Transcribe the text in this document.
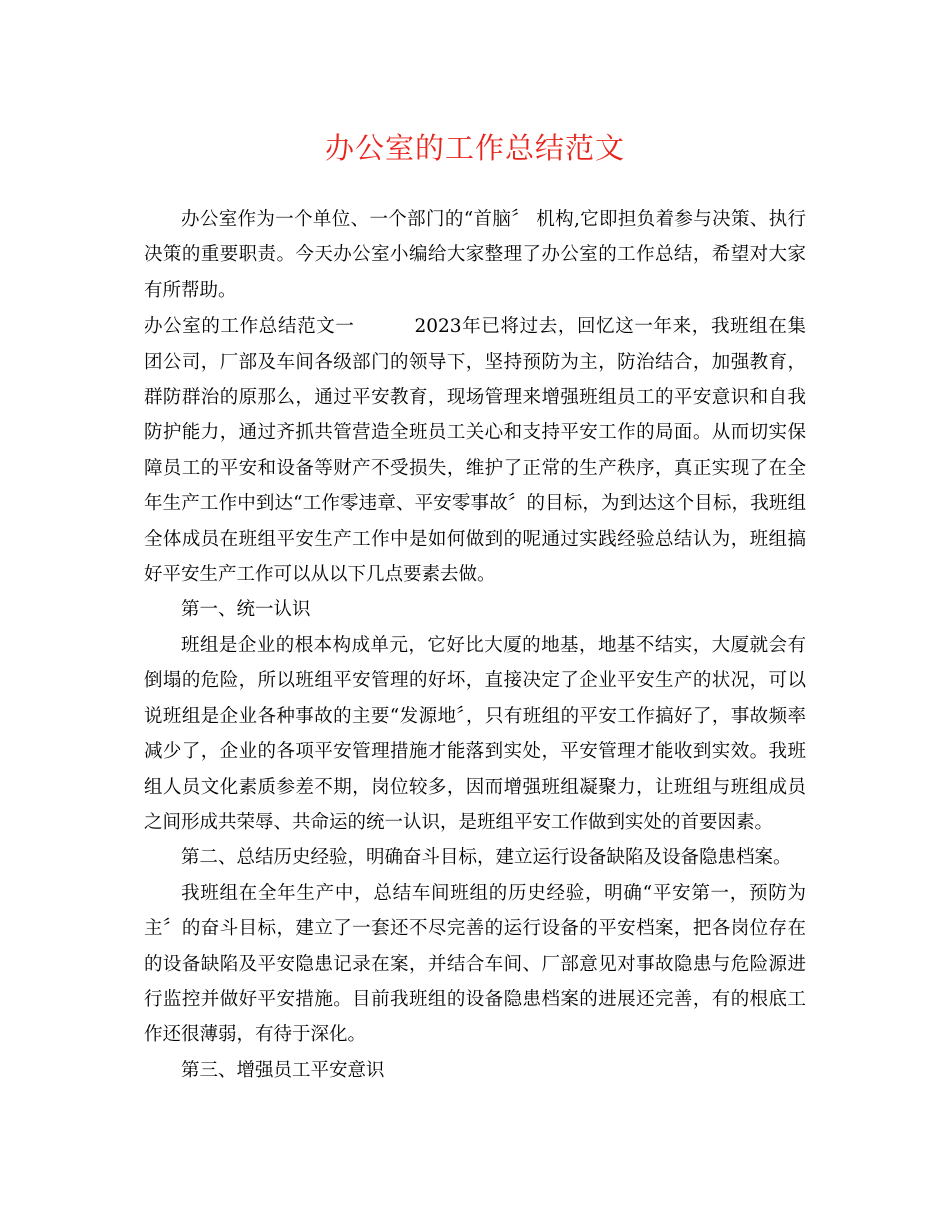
办公室的工作总结范文

办公室作为一个单位、一个部门的“首脑〞 机构,它即担负着参与决策、执行决策的重要职责。今天办公室小编给大家整理了办公室的工作总结，希望对大家有所帮助。

办公室的工作总结范文一	2023年已将过去，回忆这一年来，我班组在集团公司，厂部及车间各级部门的领导下，坚持预防为主，防治结合，加强教育，群防群治的原那么，通过平安教育，现场管理来增强班组员工的平安意识和自我防护能力，通过齐抓共管营造全班员工关心和支持平安工作的局面。从而切实保障员工的平安和设备等财产不受损失，维护了正常的生产秩序，真正实现了在全年生产工作中到达“工作零违章、平安零事故〞的目标，为到达这个目标，我班组全体成员在班组平安生产工作中是如何做到的呢通过实践经验总结认为，班组搞好平安生产工作可以从以下几点要素去做。

第一、统一认识

班组是企业的根本构成单元，它好比大厦的地基，地基不结实，大厦就会有倒塌的危险，所以班组平安管理的好坏，直接决定了企业平安生产的状况，可以说班组是企业各种事故的主要“发源地〞，只有班组的平安工作搞好了，事故频率减少了，企业的各项平安管理措施才能落到实处，平安管理才能收到实效。我班组人员文化素质参差不期，岗位较多，因而增强班组凝聚力，让班组与班组成员之间形成共荣辱、共命运的统一认识，是班组平安工作做到实处的首要因素。

第二、总结历史经验，明确奋斗目标，建立运行设备缺陷及设备隐患档案。

我班组在全年生产中，总结车间班组的历史经验，明确“平安第一，预防为主〞的奋斗目标，建立了一套还不尽完善的运行设备的平安档案，把各岗位存在的设备缺陷及平安隐患记录在案，并结合车间、厂部意见对事故隐患与危险源进行监控并做好平安措施。目前我班组的设备隐患档案的进展还完善，有的根底工作还很薄弱，有待于深化。

第三、增强员工平安意识
